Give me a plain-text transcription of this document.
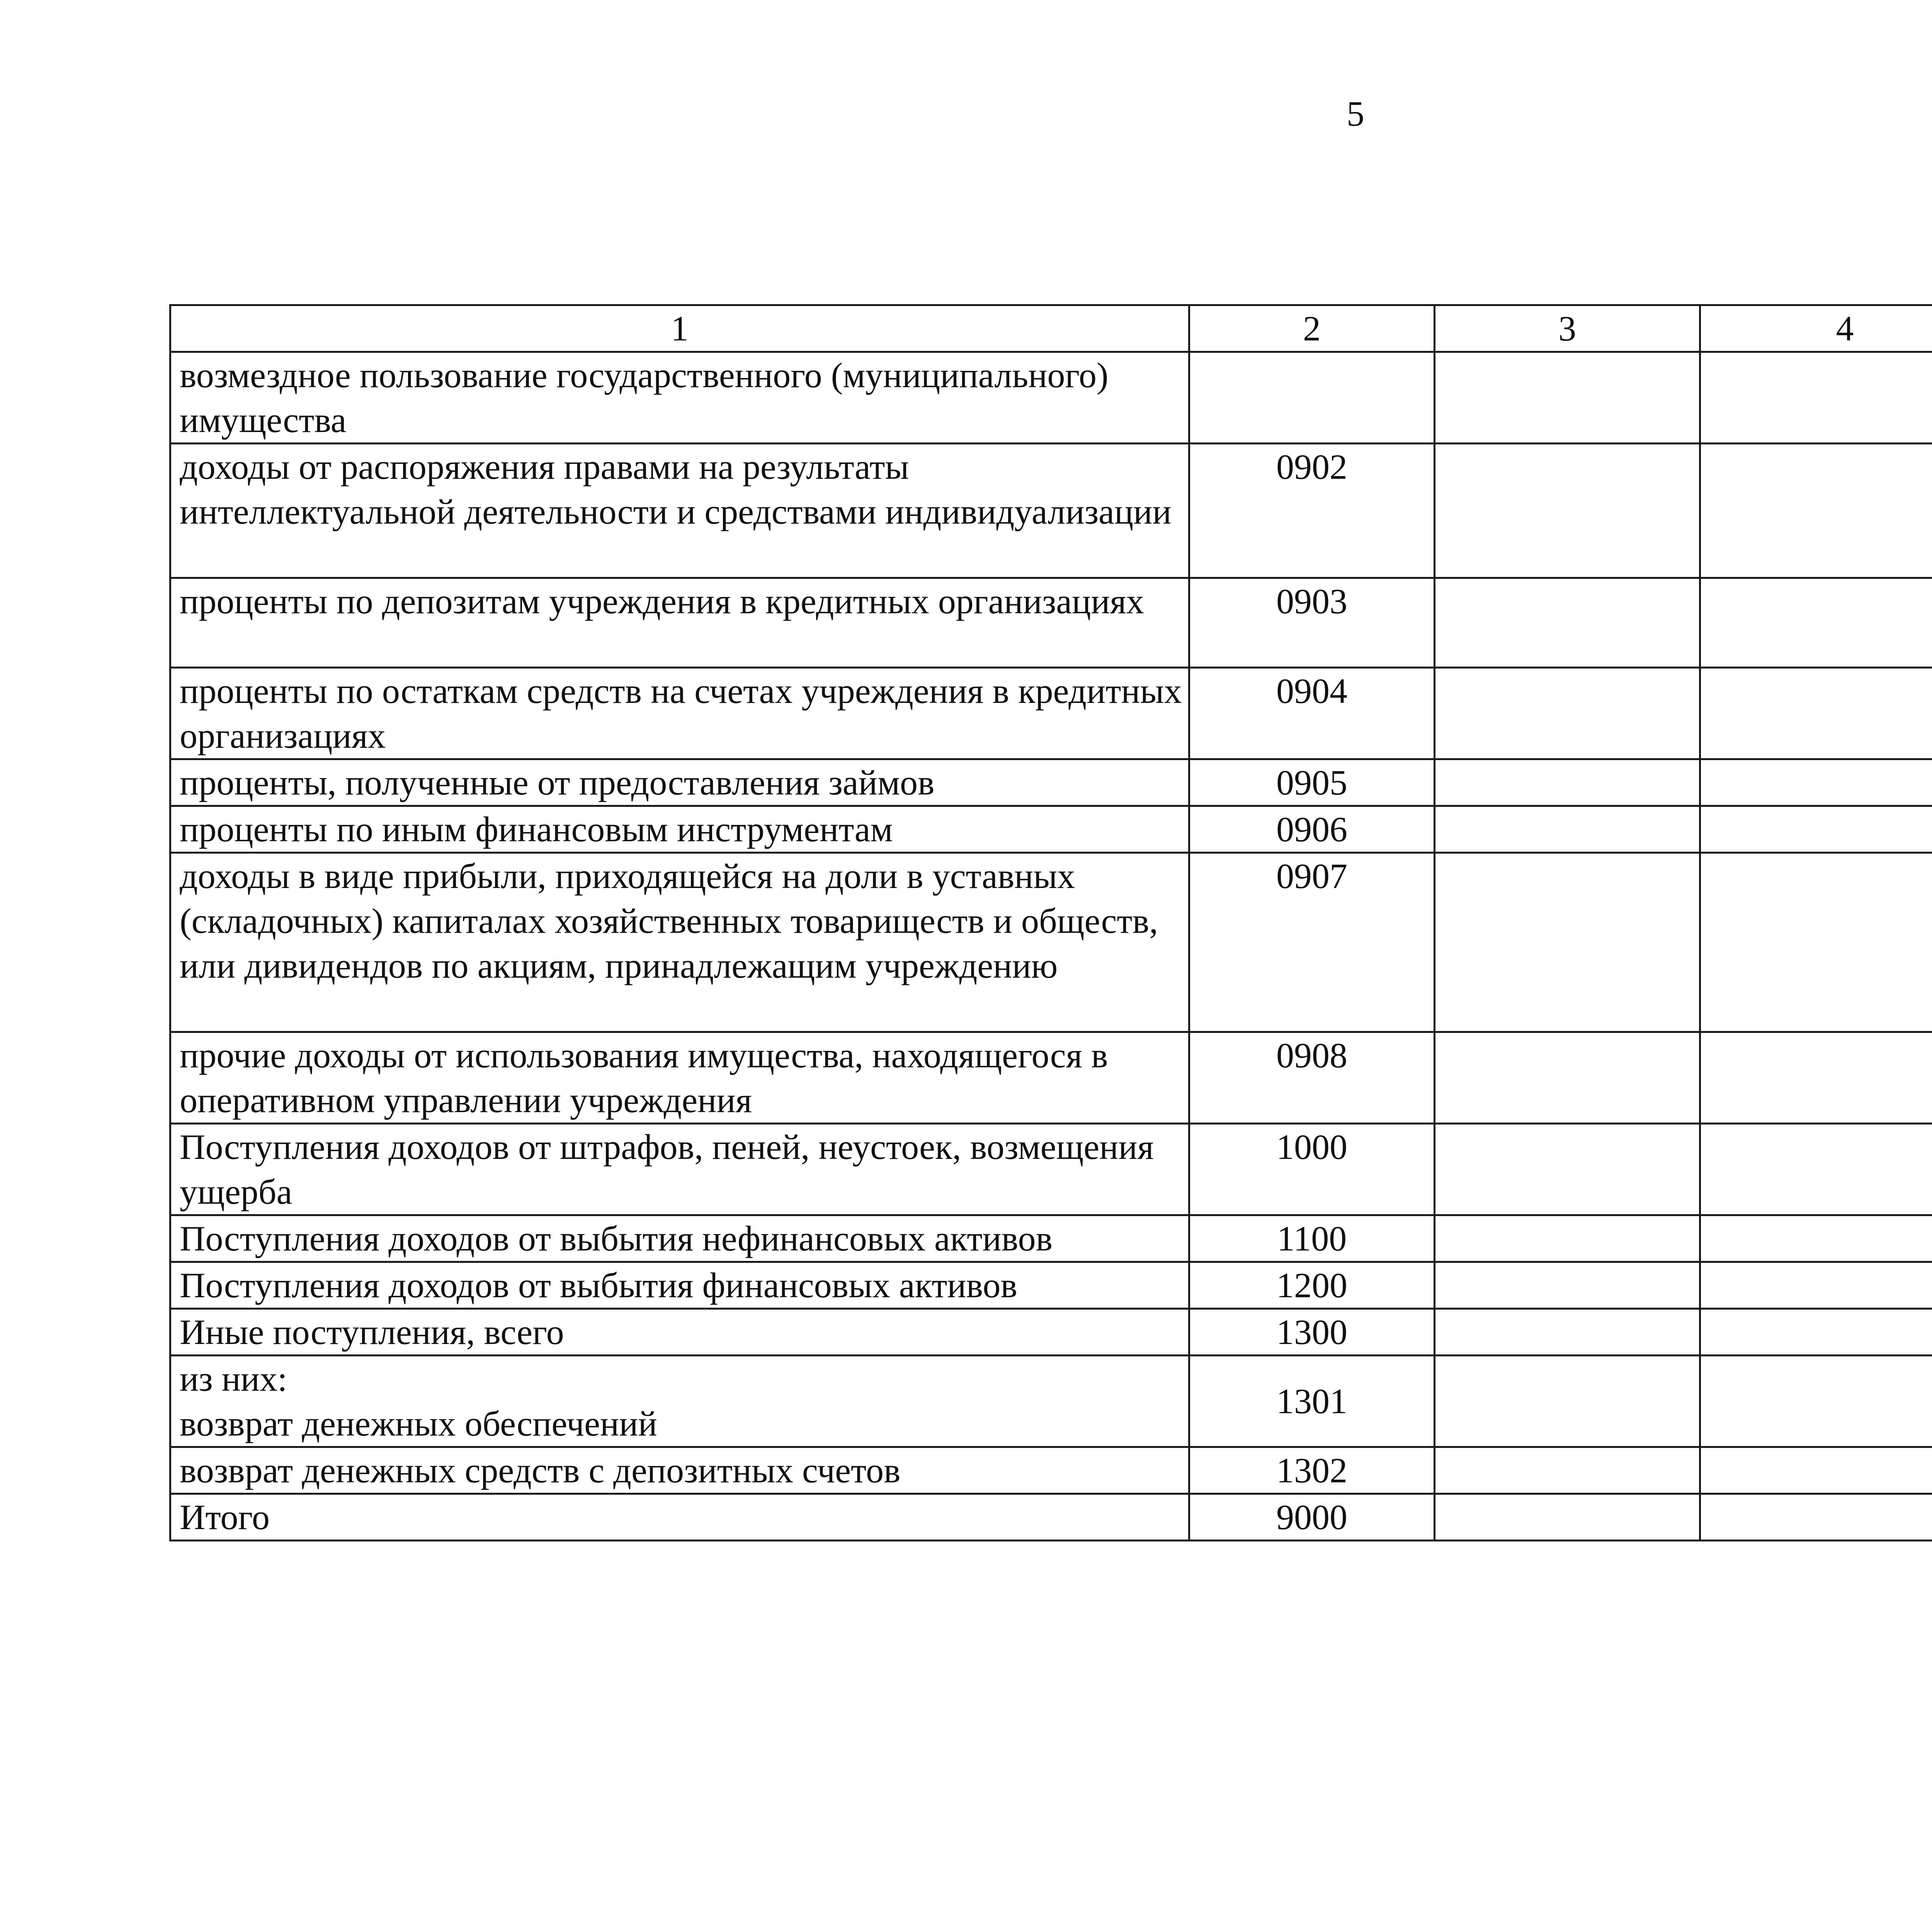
5
1	2	3	4		
возмездное пользование государственного (муниципального) имущества					
доходы от распоряжения правами на результаты интеллектуальной деятельности и средствами индивидуализации	0902				
проценты по депозитам учреждения в кредитных организациях	0903				
проценты по остаткам средств на счетах учреждения в кредитных организациях	0904				
проценты, полученные от предоставления займов	0905				
проценты по иным финансовым инструментам	0906				
доходы в виде прибыли, приходящейся на доли в уставных (складочных) капиталах хозяйственных товариществ и обществ, или дивидендов по акциям, принадлежащим учреждению	0907				
прочие доходы от использования имущества, находящегося в оперативном управлении учреждения	0908				
Поступления доходов от штрафов, пеней, неустоек, возмещения ущерба	1000				
Поступления доходов от выбытия нефинансовых активов	1100				
Поступления доходов от выбытия финансовых активов	1200				
Иные поступления, всего	1300				

из них:
возврат денежных обеспечений	1301				
возврат денежных средств с депозитных счетов	1302				
Итого	9000				
